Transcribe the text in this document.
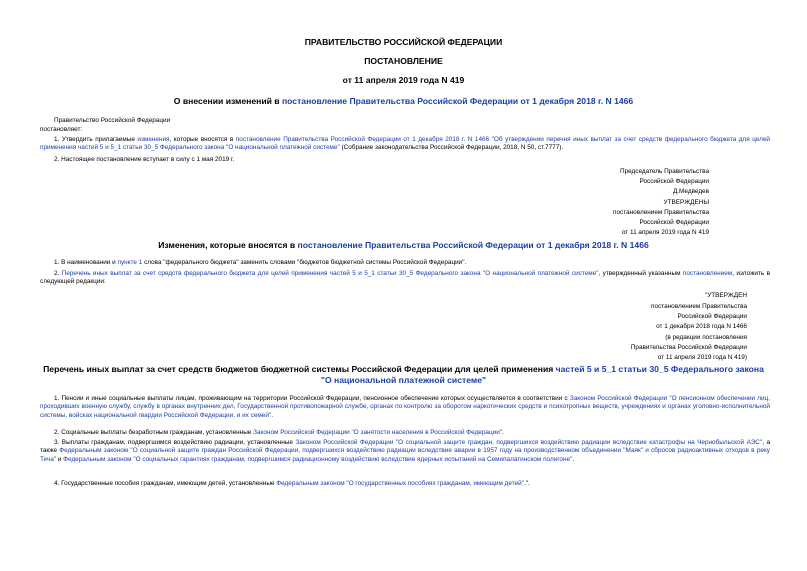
ПРАВИТЕЛЬСТВО РОССИЙСКОЙ ФЕДЕРАЦИИ
ПОСТАНОВЛЕНИЕ
от 11 апреля 2019 года N 419
О внесении изменений в постановление Правительства Российской Федерации от 1 декабря 2018 г. N 1466
Правительство Российской Федерации
постановляет:
1. Утвердить прилагаемые изменения, которые вносятся в постановление Правительства Российской Федерации от 1 декабря 2018 г. N 1466 "Об утверждении перечня иных выплат за счет средств федерального бюджета для целей применения частей 5 и 5_1 статьи 30_5 Федерального закона "О национальной платежной системе" (Собрание законодательства Российской Федерации, 2018, N 50, ст.7777).
2. Настоящее постановление вступает в силу с 1 мая 2019 г.
Председатель Правительства
Российской Федерации
Д.Медведев
УТВЕРЖДЕНЫ
постановлением Правительства
Российской Федерации
от 11 апреля 2019 года N 419
Изменения, которые вносятся в постановление Правительства Российской Федерации от 1 декабря 2018 г. N 1466
1. В наименовании и пункте 1 слова "федерального бюджета" заменить словами "бюджетов бюджетной системы Российской Федерации".
2. Перечень иных выплат за счет средств федерального бюджета для целей применения частей 5 и 5_1 статьи 30_5 Федерального закона "О национальной платежной системе", утвержденный указанным постановлением, изложить в следующей редакции:
"УТВЕРЖДЕН
постановлением Правительства
Российской Федерации
от 1 декабря 2018 года N 1466
(в редакции постановления
Правительства Российской Федерации
от 11 апреля 2019 года N 419)
Перечень иных выплат за счет средств бюджетов бюджетной системы Российской Федерации для целей применения частей 5 и 5_1 статьи 30_5 Федерального закона "О национальной платежной системе"
1. Пенсии и иные социальные выплаты лицам, проживающим на территории Российской Федерации, пенсионное обеспечение которых осуществляется в соответствии с Законом Российской Федерации "О пенсионном обеспечении лиц, проходивших военную службу, службу в органах внутренних дел, Государственной противопожарной службе, органах по контролю за оборотом наркотических средств и психотропных веществ, учреждениях и органах уголовно-исполнительной системы, войсках национальной гвардии Российской Федерации, и их семей".
2. Социальные выплаты безработным гражданам, установленные Законом Российской Федерации "О занятости населения в Российской Федерации".
3. Выплаты гражданам, подвергшимся воздействию радиации, установленные Законом Российской Федерации "О социальной защите граждан, подвергшихся воздействию радиации вследствие катастрофы на Чернобыльской АЭС", а также Федеральным законом "О социальной защите граждан Российской Федерации, подвергшихся воздействию радиации вследствие аварии в 1957 году на производственном объединении "Маяк" и сбросов радиоактивных отходов в реку Теча" и Федеральным законом "О социальных гарантиях гражданам, подвергшимся радиационному воздействию вследствие ядерных испытаний на Семипалатинском полигоне".
4. Государственные пособия гражданам, имеющим детей, установленные Федеральным законом "О государственных пособиях гражданам, имеющим детей".".
